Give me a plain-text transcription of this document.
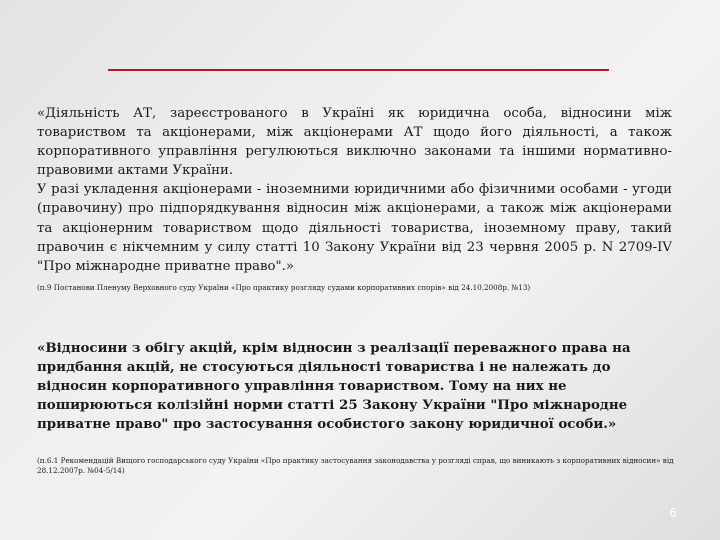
«Діяльність АТ, зареєстрованого в Україні як юридична особа, відносини між товариством та акціонерами, між акціонерами АТ щодо його діяльності, а також корпоративного управління регулюються виключно законами та іншими нормативно-правовими актами України.

У разі укладення акціонерами - іноземними юридичними або фізичними особами - угоди (правочину) про підпорядкування відносин між акціонерами, а також між акціонерами та акціонерним товариством щодо діяльності товариства, іноземному праву, такий правочин є нікчемним у силу статті 10 Закону України від 23 червня 2005 р. N 2709-IV "Про міжнародне приватне право".»

(п.9 Постанови Пленуму Верховного суду України «Про практику розгляду судами корпоративних спорів» від 24.10.2008р. №13)

«Відносини з обігу акцій, крім відносин з реалізації переважного права на придбання акцій, не стосуються діяльності товариства і не належать до відносин корпоративного управління товариством. Тому на них не поширюються колізійні норми статті 25 Закону України "Про міжнародне приватне право" про застосування особистого закону юридичної особи.»

(п.6.1 Рекомендацій Вищого господарського суду України «Про практику застосування законодавства у розгляді справ, що виникають з корпоративних відносин» від 28.12.2007р. №04-5/14)

6
